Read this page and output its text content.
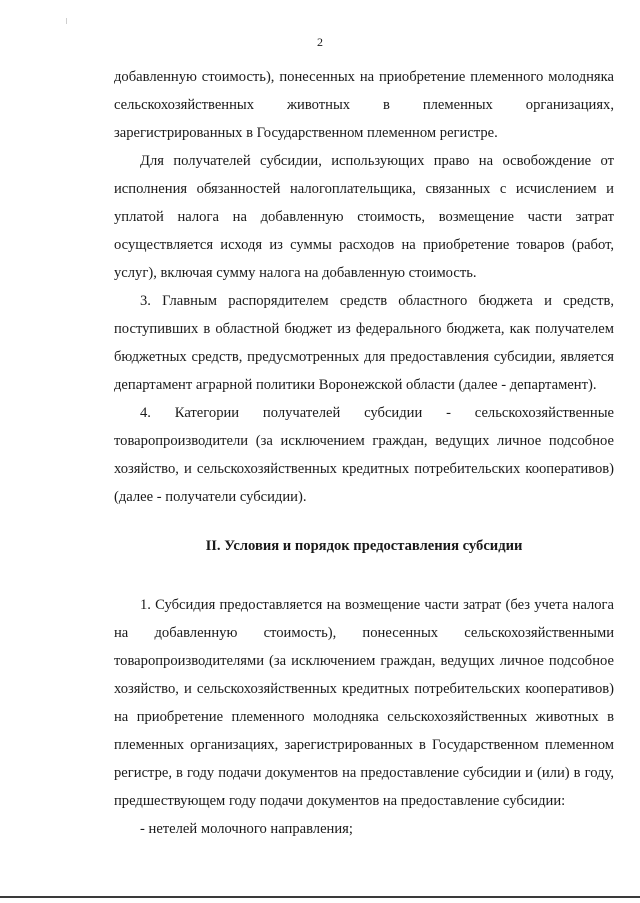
2

добавленную стоимость), понесенных на приобретение племенного молодняка сельскохозяйственных животных в племенных организациях, зарегистрированных в Государственном племенном регистре.

Для получателей субсидии, использующих право на освобождение от исполнения обязанностей налогоплательщика, связанных с исчислением и уплатой налога на добавленную стоимость, возмещение части затрат осуществляется исходя из суммы расходов на приобретение товаров (работ, услуг), включая сумму налога на добавленную стоимость.

3. Главным распорядителем средств областного бюджета и средств, поступивших в областной бюджет из федерального бюджета, как получателем бюджетных средств, предусмотренных для предоставления субсидии, является департамент аграрной политики Воронежской области (далее - департамент).

4. Категории получателей субсидии - сельскохозяйственные товаропроизводители (за исключением граждан, ведущих личное подсобное хозяйство, и сельскохозяйственных кредитных потребительских кооперативов) (далее - получатели субсидии).

II. Условия и порядок предоставления субсидии

1. Субсидия предоставляется на возмещение части затрат (без учета налога на добавленную стоимость), понесенных сельскохозяйственными товаропроизводителями (за исключением граждан, ведущих личное подсобное хозяйство, и сельскохозяйственных кредитных потребительских кооперативов) на приобретение племенного молодняка сельскохозяйственных животных в племенных организациях, зарегистрированных в Государственном племенном регистре, в году подачи документов на предоставление субсидии и (или) в году, предшествующем году подачи документов на предоставление субсидии:

- нетелей молочного направления;
